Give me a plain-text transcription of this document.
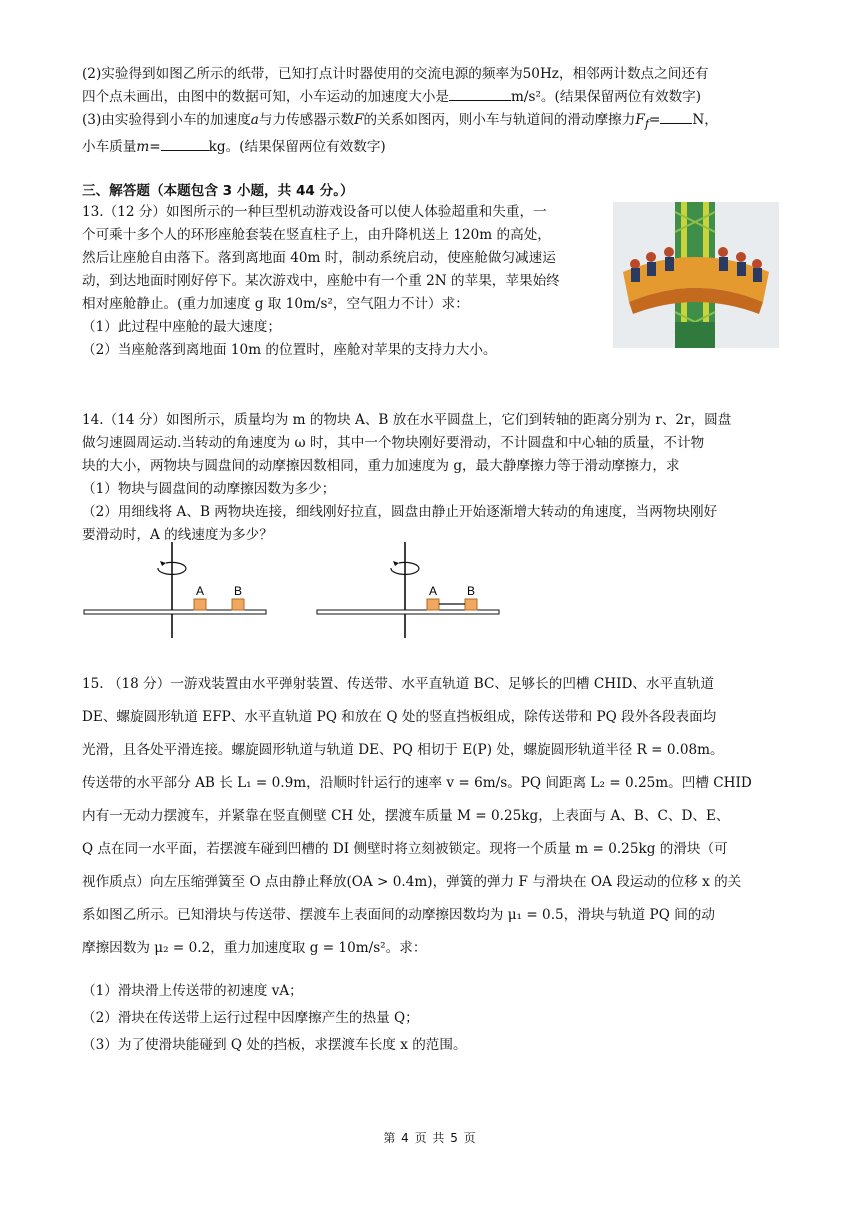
(2)实验得到如图乙所示的纸带，已知打点计时器使用的交流电源的频率为50Hz，相邻两计数点之间还有

四个点未画出，由图中的数据可知，小车运动的加速度大小是	m/s²。(结果保留两位有效数字)

(3)由实验得到小车的加速度a与力传感器示数F的关系如图丙，则小车与轨道间的滑动摩擦力$F_f= N$，

小车质量m=	kg。(结果保留两位有效数字)

三、解答题（本题包含 3 小题，共 44 分。）

13.（12 分）如图所示的一种巨型机动游戏设备可以使人体验超重和失重，一

个可乘十多个人的环形座舱套装在竖直柱子上，由升降机送上 120m 的高处，

然后让座舱自由落下。落到离地面 40m 时，制动系统启动，使座舱做匀减速运

动，到达地面时刚好停下。某次游戏中，座舱中有一个重 2N 的苹果，苹果始终

相对座舱静止。(重力加速度 g 取 10m/s²，空气阻力不计）求：

（1）此过程中座舱的最大速度；

（2）当座舱落到离地面 10m 的位置时，座舱对苹果的支持力大小。

14.（14 分）如图所示，质量均为 m 的物块 A、B 放在水平圆盘上，它们到转轴的距离分别为 r、2r，圆盘

做匀速圆周运动.当转动的角速度为 ω 时，其中一个物块刚好要滑动，不计圆盘和中心轴的质量，不计物

块的大小，两物块与圆盘间的动摩擦因数相同，重力加速度为 g，最大静摩擦力等于滑动摩擦力，求

（1）物块与圆盘间的动摩擦因数为多少；

（2）用细线将 A、B 两物块连接，细线刚好拉直，圆盘由静止开始逐渐增大转动的角速度，当两物块刚好

要滑动时，A 的线速度为多少？

A B	A B

15. （18 分）一游戏装置由水平弹射装置、传送带、水平直轨道 BC、足够长的凹槽 CHID、水平直轨道

DE、螺旋圆形轨道 EFP、水平直轨道 PQ 和放在 Q 处的竖直挡板组成，除传送带和 PQ 段外各段表面均

光滑，且各处平滑连接。螺旋圆形轨道与轨道 DE、PQ 相切于 E(P) 处，螺旋圆形轨道半径 R = 0.08m。

传送带的水平部分 AB 长 L₁ = 0.9m，沿顺时针运行的速率 v = 6m/s。PQ 间距离 L₂ = 0.25m。凹槽 CHID

内有一无动力摆渡车，并紧靠在竖直侧壁 CH 处，摆渡车质量 M = 0.25kg，上表面与 A、B、C、D、E、

Q 点在同一水平面，若摆渡车碰到凹槽的 DI 侧壁时将立刻被锁定。现将一个质量 m = 0.25kg 的滑块（可

视作质点）向左压缩弹簧至 O 点由静止释放(OA > 0.4m)，弹簧的弹力 F 与滑块在 OA 段运动的位移 x 的关

系如图乙所示。已知滑块与传送带、摆渡车上表面间的动摩擦因数均为 μ₁ = 0.5，滑块与轨道 PQ 间的动

摩擦因数为 μ₂ = 0.2，重力加速度取 g = 10m/s²。求：

（1）滑块滑上传送带的初速度 vA；

（2）滑块在传送带上运行过程中因摩擦产生的热量 Q；

（3）为了使滑块能碰到 Q 处的挡板，求摆渡车长度 x 的范围。

第 4 页 共 5 页
